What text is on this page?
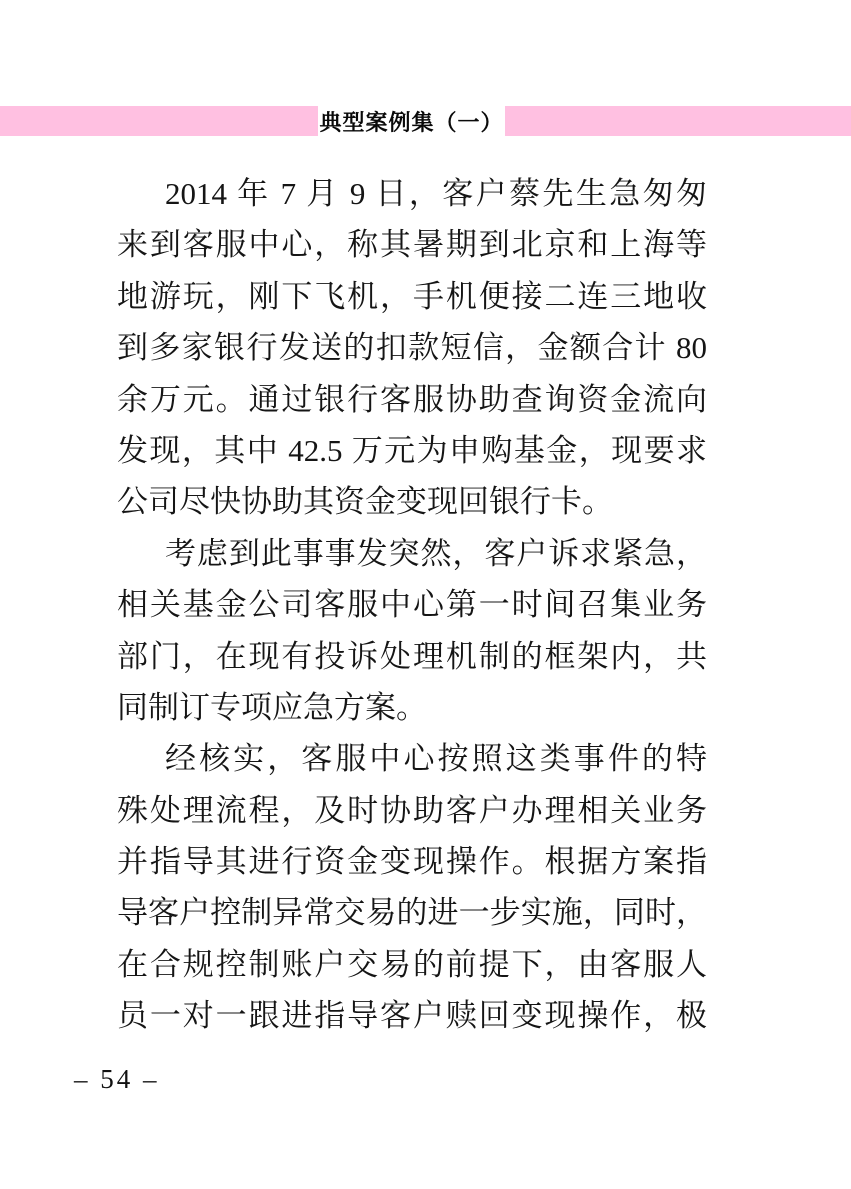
典型案例集（一）
2014 年 7 月 9 日，客户蔡先生急匆匆
来到客服中心，称其暑期到北京和上海等
地游玩，刚下飞机，手机便接二连三地收
到多家银行发送的扣款短信，金额合计 80
余万元。通过银行客服协助查询资金流向
发现，其中 42.5 万元为申购基金，现要求
公司尽快协助其资金变现回银行卡。
考虑到此事事发突然，客户诉求紧急，
相关基金公司客服中心第一时间召集业务
部门，在现有投诉处理机制的框架内，共
同制订专项应急方案。
经核实，客服中心按照这类事件的特
殊处理流程，及时协助客户办理相关业务
并指导其进行资金变现操作。根据方案指
导客户控制异常交易的进一步实施，同时，
在合规控制账户交易的前提下，由客服人
员一对一跟进指导客户赎回变现操作，极
– 54 –
